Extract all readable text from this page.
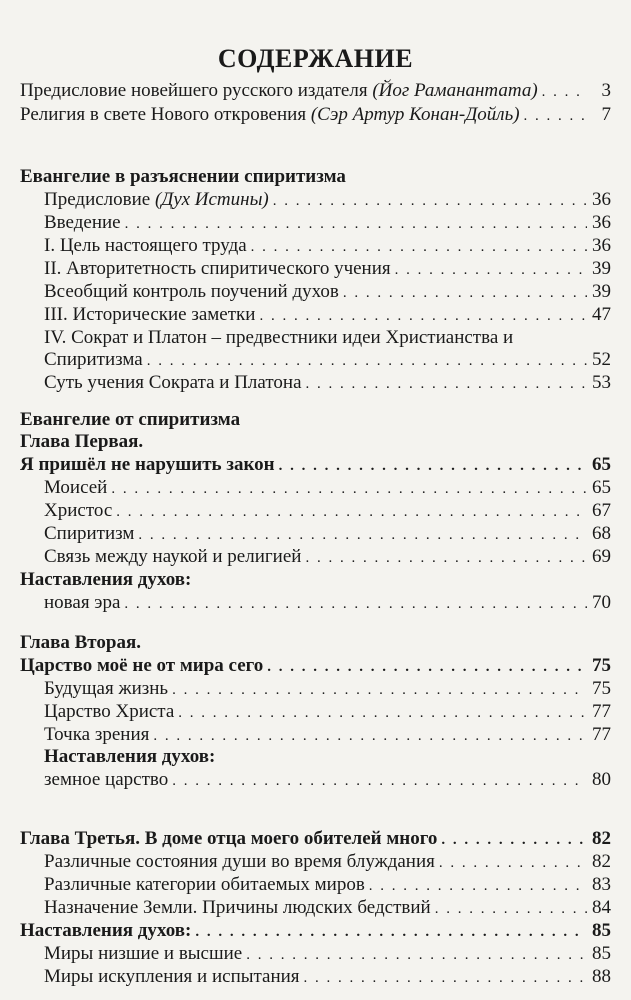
СОДЕРЖАНИЕ
Предисловие новейшего русского издателя (Йог Раманантата) . . .	3
Религия в свете Нового откровения (Сэр Артур Конан-Дойль) . . .	7
Евангелие в разъяснении спиритизма
Предисловие (Дух Истины) . . .	36
Введение . . .	36
I. Цель настоящего труда . . .	36
II. Авторитетность спиритического учения . . .	39
Всеобщий контроль поучений духов . . .	39
III. Исторические заметки . . .	47
IV. Сократ и Платон – предвестники идеи Христианства и
Спиритизма . . .	52
Суть учения Сократа и Платона . . .	53
Евангелие от спиритизма
Глава Первая.
Я пришёл не нарушить закон . . .	65
Моисей . . .	65
Христос . . .	67
Спиритизм . . .	68
Связь между наукой и религией . . .	69
Наставления духов:
новая эра . . .	70
Глава Вторая.
Царство моё не от мира сего . . .	75
Будущая жизнь . . .	75
Царство Христа . . .	77
Точка зрения . . .	77
Наставления духов:
земное царство . . .	80
Глава Третья. В доме отца моего обителей много . . .	82
Различные состояния души во время блуждания . . .	82
Различные категории обитаемых миров . . .	83
Назначение Земли. Причины людских бедствий . . .	84
Наставления духов: . . .	85
Миры низшие и высшие . . .	85
Миры искупления и испытания . . .	88
